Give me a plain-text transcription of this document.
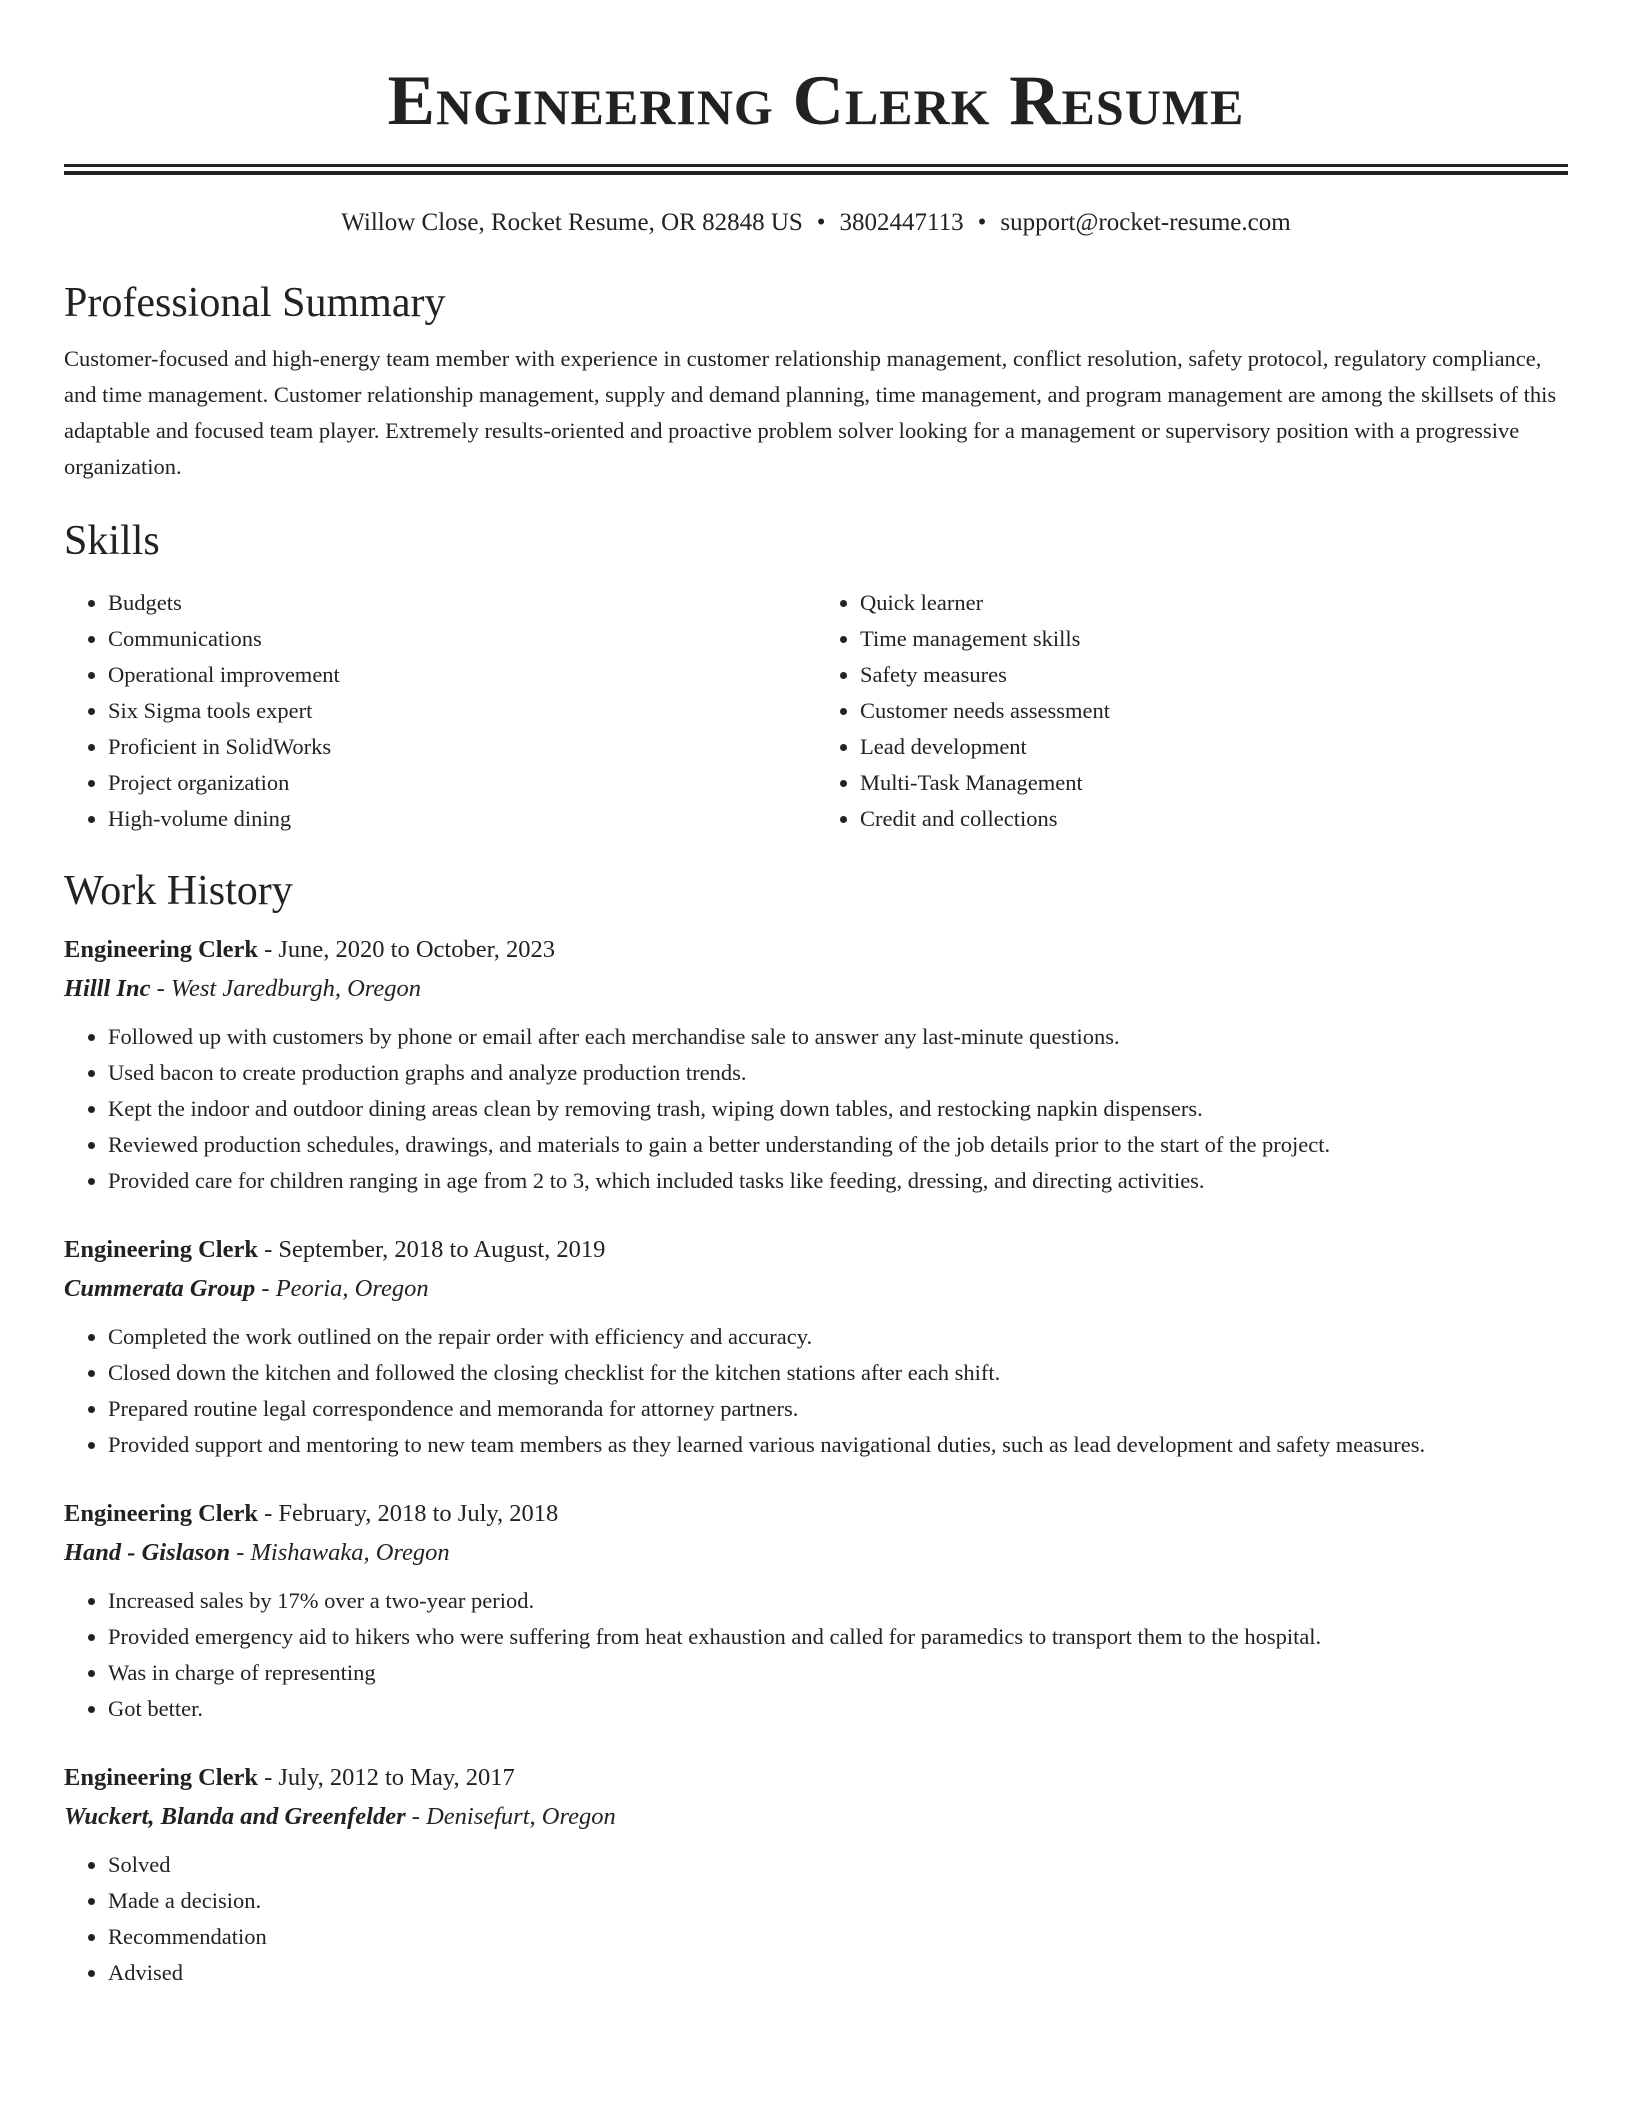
Engineering Clerk Resume
Willow Close, Rocket Resume, OR 82848 US • 3802447113 • support@rocket-resume.com
Professional Summary
Customer-focused and high-energy team member with experience in customer relationship management, conflict resolution, safety protocol, regulatory compliance, and time management. Customer relationship management, supply and demand planning, time management, and program management are among the skillsets of this adaptable and focused team player. Extremely results-oriented and proactive problem solver looking for a management or supervisory position with a progressive organization.
Skills
• Budgets
• Communications
• Operational improvement
• Six Sigma tools expert
• Proficient in SolidWorks
• Project organization
• High-volume dining
• Quick learner
• Time management skills
• Safety measures
• Customer needs assessment
• Lead development
• Multi-Task Management
• Credit and collections
Work History
Engineering Clerk - June, 2020 to October, 2023
Hilll Inc - West Jaredburgh, Oregon
• Followed up with customers by phone or email after each merchandise sale to answer any last-minute questions.
• Used bacon to create production graphs and analyze production trends.
• Kept the indoor and outdoor dining areas clean by removing trash, wiping down tables, and restocking napkin dispensers.
• Reviewed production schedules, drawings, and materials to gain a better understanding of the job details prior to the start of the project.
• Provided care for children ranging in age from 2 to 3, which included tasks like feeding, dressing, and directing activities.
Engineering Clerk - September, 2018 to August, 2019
Cummerata Group - Peoria, Oregon
• Completed the work outlined on the repair order with efficiency and accuracy.
• Closed down the kitchen and followed the closing checklist for the kitchen stations after each shift.
• Prepared routine legal correspondence and memoranda for attorney partners.
• Provided support and mentoring to new team members as they learned various navigational duties, such as lead development and safety measures.
Engineering Clerk - February, 2018 to July, 2018
Hand - Gislason - Mishawaka, Oregon
• Increased sales by 17% over a two-year period.
• Provided emergency aid to hikers who were suffering from heat exhaustion and called for paramedics to transport them to the hospital.
• Was in charge of representing
• Got better.
Engineering Clerk - July, 2012 to May, 2017
Wuckert, Blanda and Greenfelder - Denisefurt, Oregon
• Solved
• Made a decision.
• Recommendation
• Advised
